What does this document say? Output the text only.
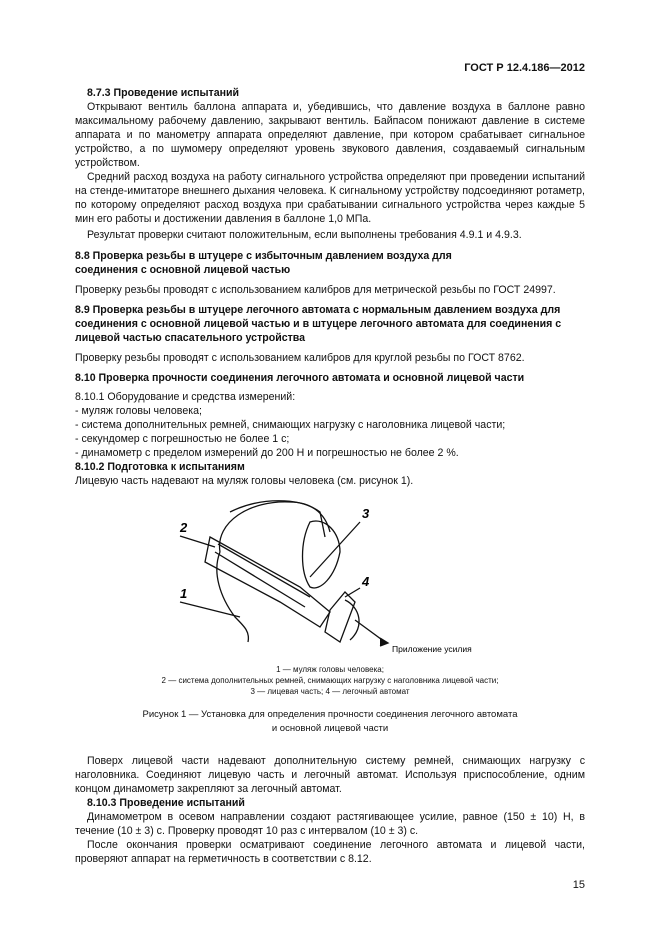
ГОСТ Р 12.4.186—2012
8.7.3 Проведение испытаний

Открывают вентиль баллона аппарата и, убедившись, что давление воздуха в баллоне равно максимальному рабочему давлению, закрывают вентиль. Байпасом понижают давление в системе аппарата и по манометру аппарата определяют давление, при котором срабатывает сигнальное устройство, а по шумомеру определяют уровень звукового давления, создаваемый сигнальным устройством.

Средний расход воздуха на работу сигнального устройства определяют при проведении испытаний на стенде-имитаторе внешнего дыхания человека. К сигнальному устройству подсоединяют ротаметр, по которому определяют расход воздуха при срабатывании сигнального устройства через каждые 5 мин его работы и достижении давления в баллоне 1,0 МПа.

Результат проверки считают положительным, если выполнены требования 4.9.1 и 4.9.3.

8.8 Проверка резьбы в штуцере с избыточным давлением воздуха для соединения с основной лицевой частью

Проверку резьбы проводят с использованием калибров для метрической резьбы по ГОСТ 24997.

8.9 Проверка резьбы в штуцере легочного автомата с нормальным давлением воздуха для соединения с основной лицевой частью и в штуцере легочного автомата для соединения с лицевой частью спасательного устройства

Проверку резьбы проводят с использованием калибров для круглой резьбы по ГОСТ 8762.

8.10 Проверка прочности соединения легочного автомата и основной лицевой части

8.10.1 Оборудование и средства измерений:

- муляж головы человека;

- система дополнительных ремней, снимающих нагрузку с наголовника лицевой части;

- секундомер с погрешностью не более 1 с;

- динамометр с пределом измерений до 200 Н и погрешностью не более 2 %.

8.10.2 Подготовка к испытаниям

Лицевую часть надевают на муляж головы человека (см. рисунок 1).

2
3
1
4
Приложение усилия
1 — муляж головы человека;
2 — система дополнительных ремней, снимающих нагрузку с наголовника лицевой части;
3 — лицевая часть; 4 — легочный автомат
Рисунок 1 — Установка для определения прочности соединения легочного автомата
и основной лицевой части

Поверх лицевой части надевают дополнительную систему ремней, снимающих нагрузку с наголовника. Соединяют лицевую часть и легочный автомат. Используя приспособление, одним концом динамометр закрепляют за легочный автомат.

8.10.3 Проведение испытаний

Динамометром в осевом направлении создают растягивающее усилие, равное (150 ± 10) Н, в течение (10 ± 3) с. Проверку проводят 10 раз с интервалом (10 ± 3) с.

После окончания проверки осматривают соединение легочного автомата и лицевой части, проверяют аппарат на герметичность в соответствии с 8.12.

15
